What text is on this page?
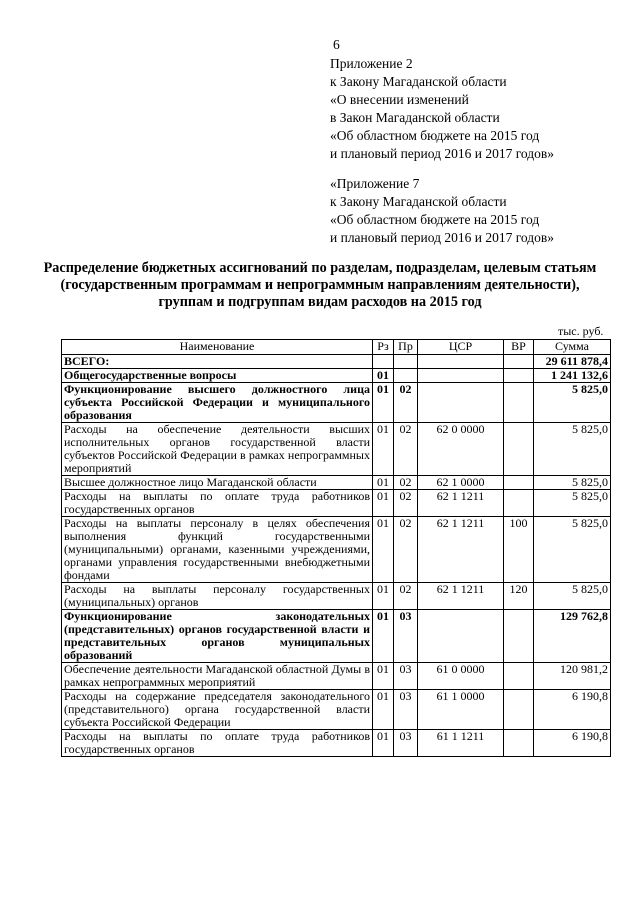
6
Приложение 2
к Закону Магаданской области
«О внесении изменений
в Закон Магаданской области
«Об областном бюджете на 2015 год
и плановый период 2016 и 2017 годов»
«Приложение 7
к Закону Магаданской области
«Об областном бюджете на 2015 год
и плановый период 2016 и 2017 годов»
Распределение бюджетных ассигнований по разделам, подразделам, целевым статьям (государственным программам и непрограммным направлениям деятельности), группам и подгруппам видам расходов на 2015 год
тыс. руб.
Наименование	Рз	Пр	ЦСР	ВР	Сумма
ВСЕГО:					29 611 878,4
Общегосударственные вопросы	01				1 241 132,6
Функционирование высшего должностного лица субъекта Российской Федерации и муниципального образования	01	02			5 825,0
Расходы на обеспечение деятельности высших исполнительных органов государственной власти субъектов Российской Федерации в рамках непрограммных мероприятий	01	02	62 0 0000		5 825,0
Высшее должностное лицо Магаданской области	01	02	62 1 0000		5 825,0
Расходы на выплаты по оплате труда работников государственных органов	01	02	62 1 1211		5 825,0
Расходы на выплаты персоналу в целях обеспечения выполнения функций государственными (муниципальными) органами, казенными учреждениями, органами управления государственными внебюджетными фондами	01	02	62 1 1211	100	5 825,0
Расходы на выплаты персоналу государственных (муниципальных) органов	01	02	62 1 1211	120	5 825,0
Функционирование законодательных (представительных) органов государственной власти и представительных органов муниципальных образований	01	03			129 762,8
Обеспечение деятельности Магаданской областной Думы в рамках непрограммных мероприятий	01	03	61 0 0000		120 981,2
Расходы на содержание председателя законодательного (представительного) органа государственной власти субъекта Российской Федерации	01	03	61 1 0000		6 190,8
Расходы на выплаты по оплате труда работников государственных органов	01	03	61 1 1211		6 190,8
